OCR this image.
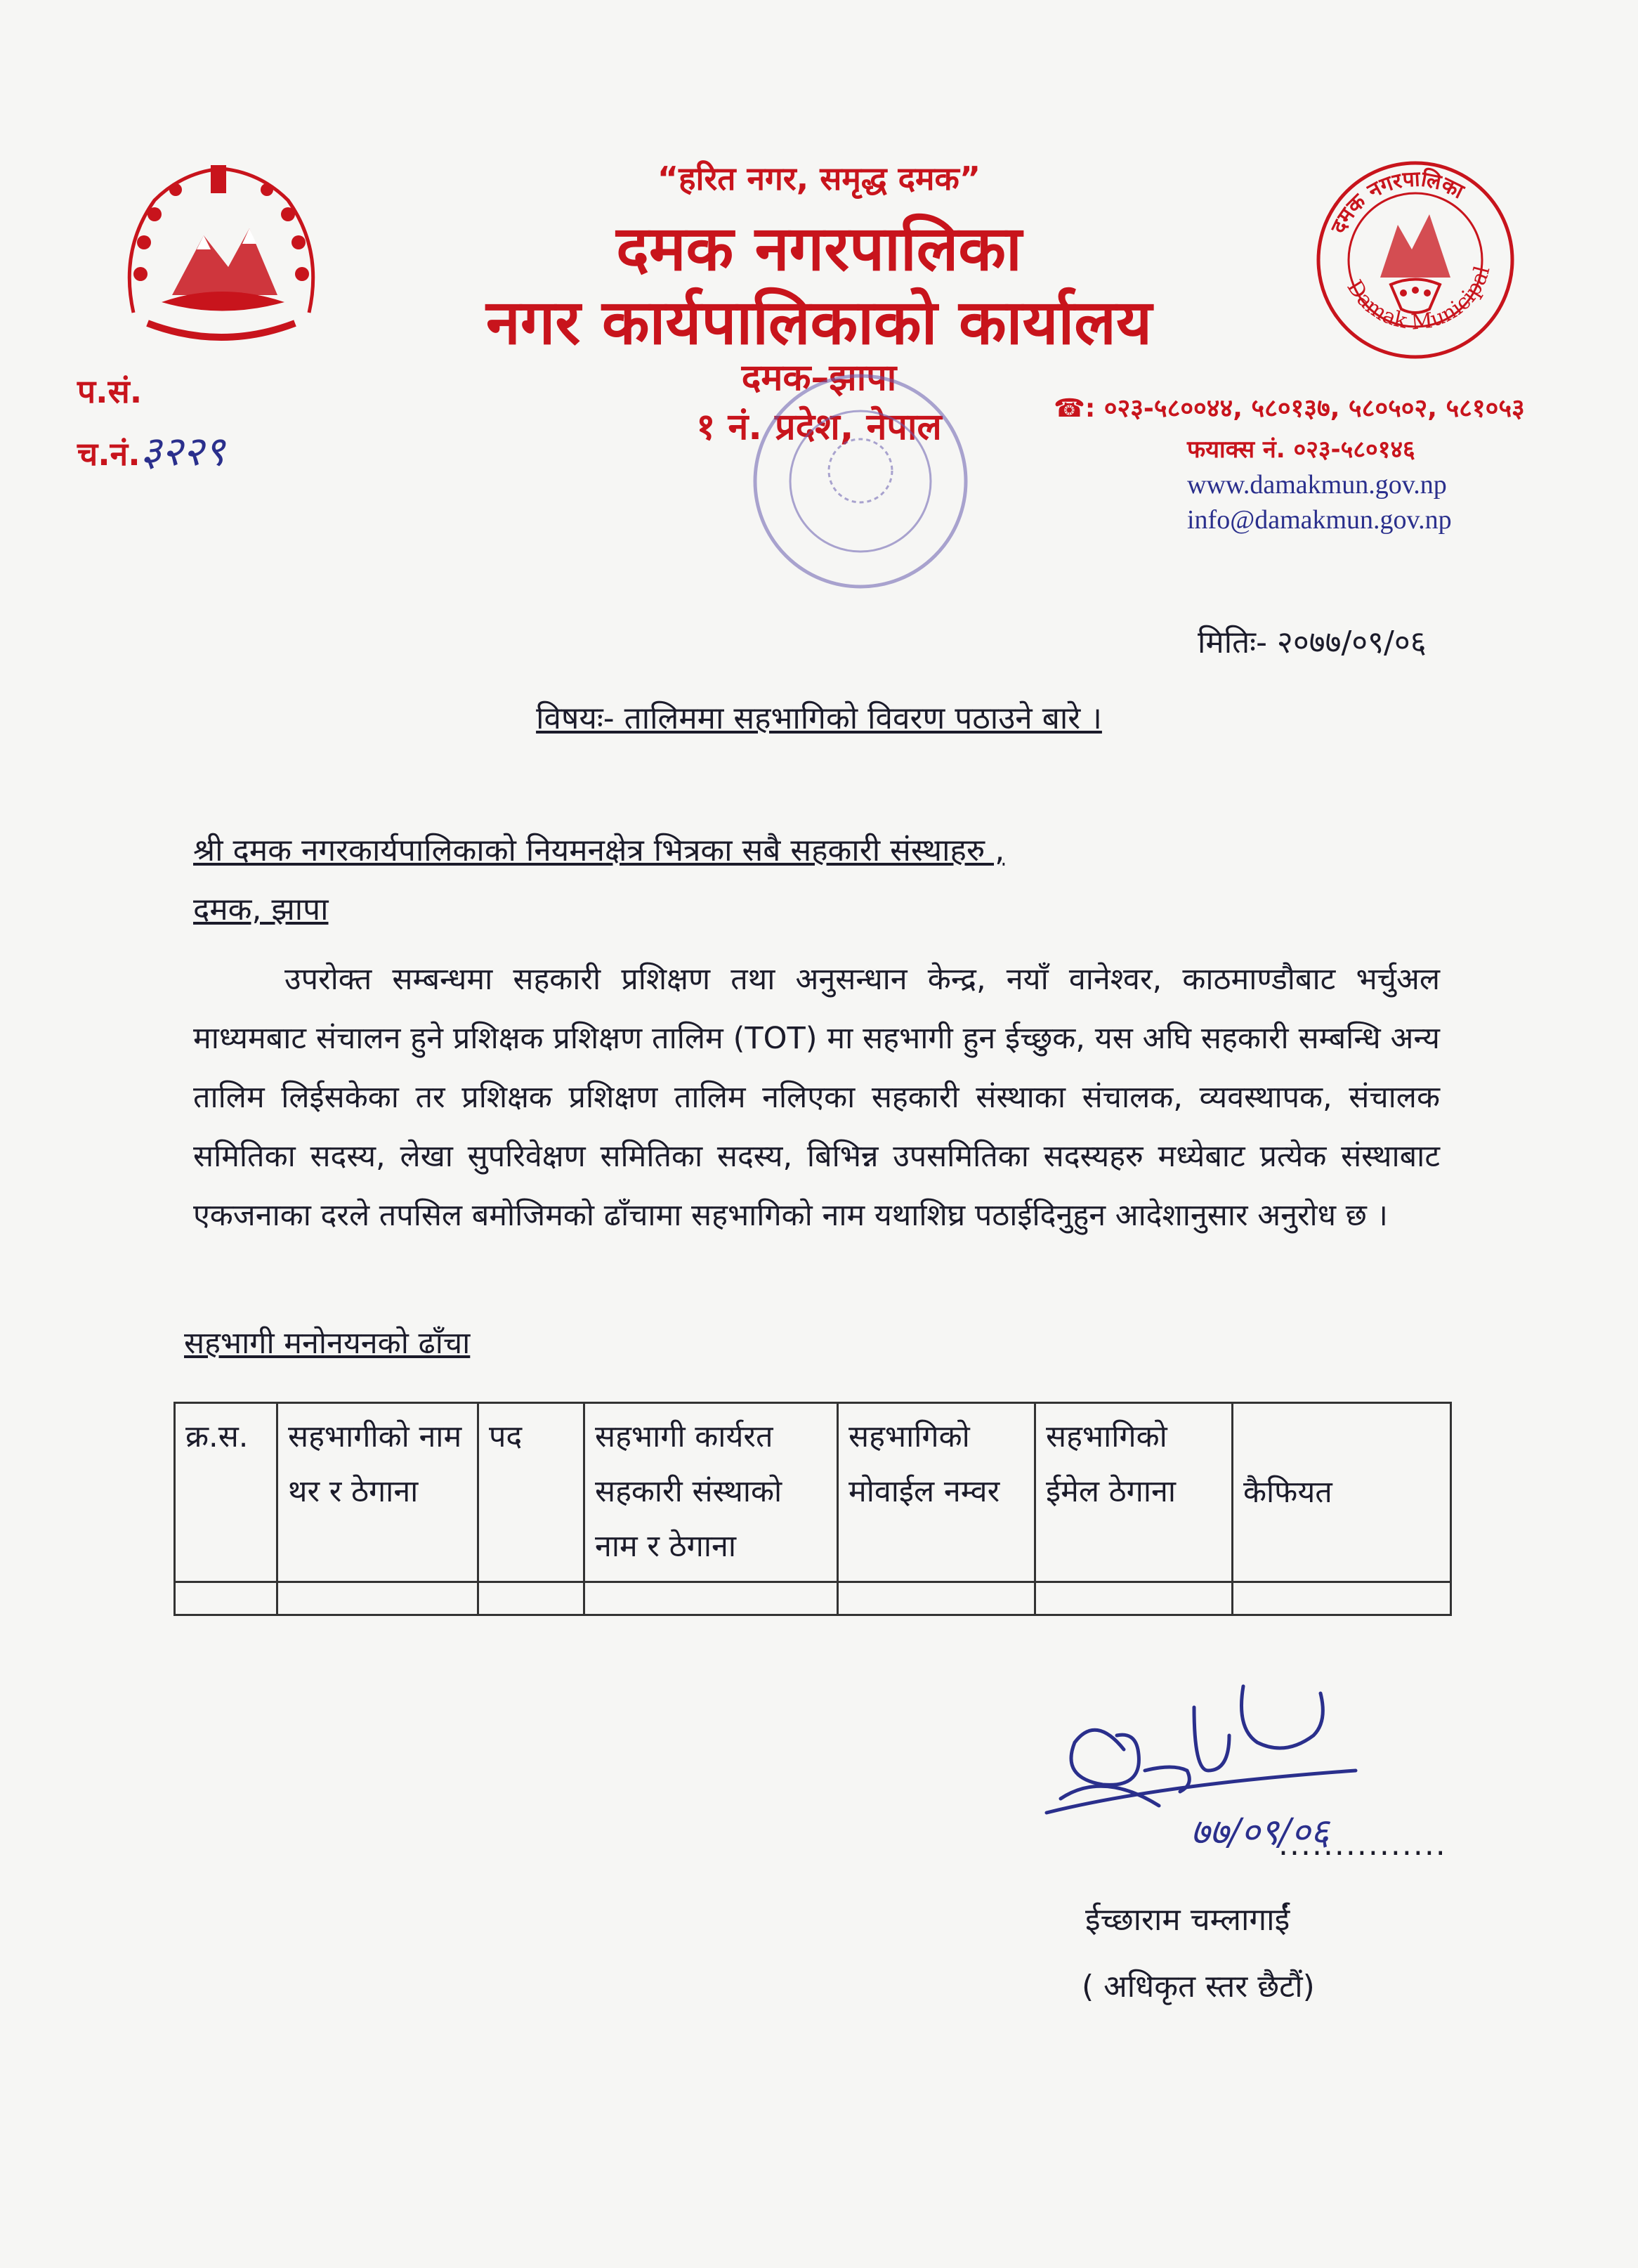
दमक नगरपालिका
Damak Municipal
“हरित नगर, समृद्ध दमक”
दमक नगरपालिका
नगर कार्यपालिकाको कार्यालय
दमक–झापा
१ नं. प्रदेश, नेपाल
प.सं.
च.नं.३२२९
☎: ०२३-५८००४४, ५८०१३७, ५८०५०२, ५८१०५३
फयाक्स नं. ०२३-५८०१४६
www.damakmun.gov.np
info@damakmun.gov.np
मितिः- २०७७/०९/०६
विषयः- तालिममा सहभागिको विवरण पठाउने बारे ।
श्री दमक नगरकार्यपालिकाको नियमनक्षेत्र भित्रका सबै सहकारी संस्थाहरु ,
दमक, झापा
उपरोक्त सम्बन्धमा सहकारी प्रशिक्षण तथा अनुसन्धान केन्द्र, नयाँ वानेश्वर, काठमाण्डौबाट भर्चुअल माध्यमबाट संचालन हुने प्रशिक्षक प्रशिक्षण तालिम (TOT) मा सहभागी हुन ईच्छुक, यस अघि सहकारी सम्बन्धि अन्य तालिम लिईसकेका तर प्रशिक्षक प्रशिक्षण तालिम नलिएका सहकारी संस्थाका संचालक, व्यवस्थापक, संचालक समितिका सदस्य, लेखा सुपरिवेक्षण समितिका सदस्य, बिभिन्न उपसमितिका सदस्यहरु मध्येबाट प्रत्येक संस्थाबाट एकजनाका दरले तपसिल बमोजिमको ढाँचामा सहभागिको नाम यथाशिघ्र पठाईदिनुहुन आदेशानुसार अनुरोध छ ।
सहभागी मनोनयनको ढाँचा
क्र.स.	सहभागीको नाम थर र ठेगाना	पद	सहभागी कार्यरत सहकारी संस्थाको नाम र ठेगाना	सहभागिको मोवाईल नम्वर	सहभागिको ईमेल ठेगाना	कैफियत

७७/०९/०६
...............
ईच्छाराम चम्लागाईं
( अधिकृत स्तर छैटौं)
